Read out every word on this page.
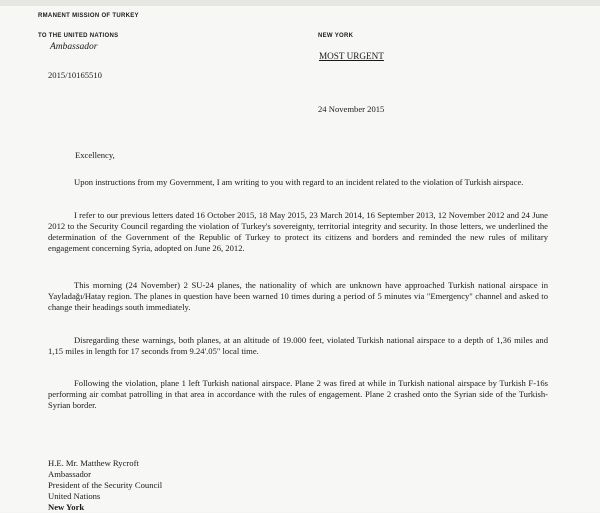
RMANENT MISSION OF TURKEY
TO THE UNITED NATIONS
Ambassador
2015/10165510
NEW YORK
MOST URGENT
24 November 2015
Excellency,

Upon instructions from my Government, I am writing to you with regard to an incident related to the violation of Turkish airspace.

I refer to our previous letters dated 16 October 2015, 18 May 2015, 23 March 2014, 16 September 2013, 12 November 2012 and 24 June 2012 to the Security Council regarding the violation of Turkey's sovereignty, territorial integrity and security. In those letters, we underlined the determination of the Government of the Republic of Turkey to protect its citizens and borders and reminded the new rules of military engagement concerning Syria, adopted on June 26, 2012.

This morning (24 November) 2 SU-24 planes, the nationality of which are unknown have approached Turkish national airspace in Yayladağı/Hatay region. The planes in question have been warned 10 times during a period of 5 minutes via "Emergency" channel and asked to change their headings south immediately.

Disregarding these warnings, both planes, at an altitude of 19.000 feet, violated Turkish national airspace to a depth of 1,36 miles and 1,15 miles in length for 17 seconds from 9.24'.05" local time.

Following the violation, plane 1 left Turkish national airspace. Plane 2 was fired at while in Turkish national airspace by Turkish F-16s performing air combat patrolling in that area in accordance with the rules of engagement. Plane 2 crashed onto the Syrian side of the Turkish-Syrian border.

H.E. Mr. Matthew Rycroft
Ambassador
President of the Security Council
United Nations
New York
